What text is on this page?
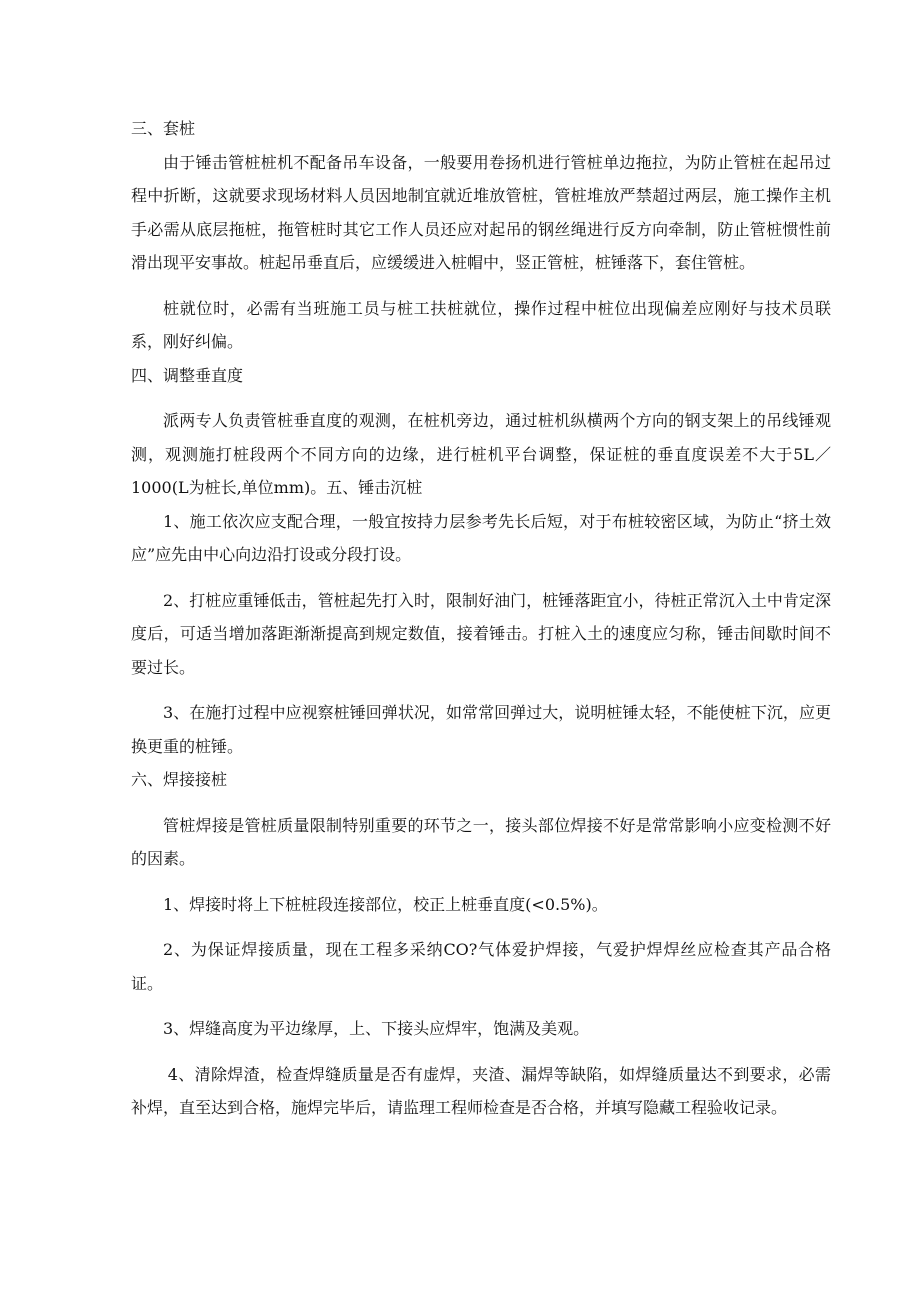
三、套桩

由于锤击管桩桩机不配备吊车设备，一般要用卷扬机进行管桩单边拖拉，为防止管桩在起吊过程中折断，这就要求现场材料人员因地制宜就近堆放管桩，管桩堆放严禁超过两层，施工操作主机手必需从底层拖桩，拖管桩时其它工作人员还应对起吊的钢丝绳进行反方向牵制，防止管桩惯性前滑出现平安事故。桩起吊垂直后，应缓缓进入桩帽中，竖正管桩，桩锤落下，套住管桩。

桩就位时，必需有当班施工员与桩工扶桩就位，操作过程中桩位出现偏差应刚好与技术员联系，刚好纠偏。

四、调整垂直度

派两专人负责管桩垂直度的观测，在桩机旁边，通过桩机纵横两个方向的钢支架上的吊线锤观测，观测施打桩段两个不同方向的边缘，进行桩机平台调整，保证桩的垂直度误差不大于5L／1000(L为桩长,单位mm)。五、锤击沉桩

1、施工依次应支配合理，一般宜按持力层参考先长后短，对于布桩较密区域，为防止“挤土效应”应先由中心向边沿打设或分段打设。

2、打桩应重锤低击，管桩起先打入时，限制好油门，桩锤落距宜小，待桩正常沉入土中肯定深度后，可适当增加落距渐渐提高到规定数值，接着锤击。打桩入土的速度应匀称，锤击间歇时间不要过长。

3、在施打过程中应视察桩锤回弹状况，如常常回弹过大，说明桩锤太轻，不能使桩下沉，应更换更重的桩锤。

六、焊接接桩

管桩焊接是管桩质量限制特别重要的环节之一，接头部位焊接不好是常常影响小应变检测不好的因素。

1、焊接时将上下桩桩段连接部位，校正上桩垂直度(<0.5%)。

2、为保证焊接质量，现在工程多采纳CO?气体爱护焊接，气爱护焊焊丝应检查其产品合格证。

3、焊缝高度为平边缘厚，上、下接头应焊牢，饱满及美观。

4、清除焊渣，检查焊缝质量是否有虚焊，夹渣、漏焊等缺陷，如焊缝质量达不到要求，必需补焊，直至达到合格，施焊完毕后，请监理工程师检查是否合格，并填写隐藏工程验收记录。
